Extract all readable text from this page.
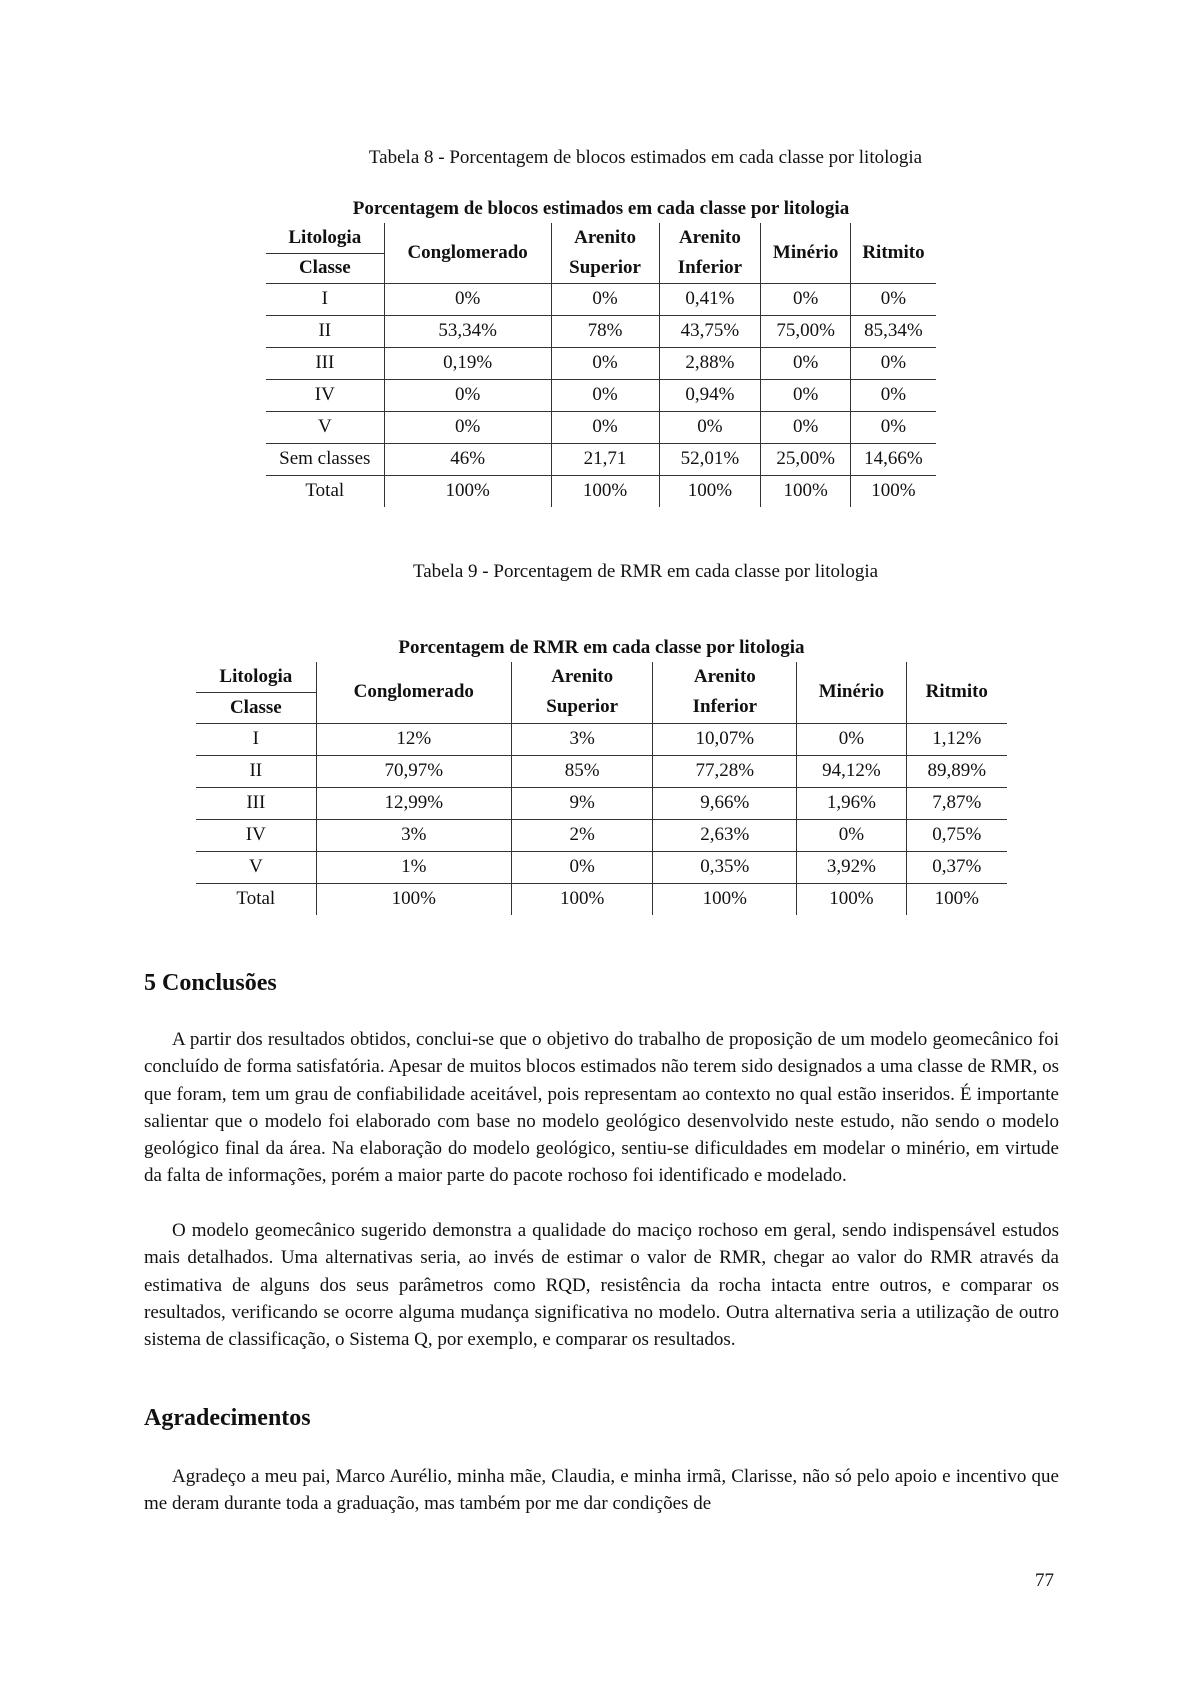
Tabela 8 - Porcentagem de blocos estimados em cada classe por litologia
Porcentagem de blocos estimados em cada classe por litologia					
Litologia	Conglomerado	Arenito	Arenito	Minério	Ritmito
Classe		Superior	Inferior		
I	0%	0%	0,41%	0%	0%
II	53,34%	78%	43,75%	75,00%	85,34%
III	0,19%	0%	2,88%	0%	0%
IV	0%	0%	0,94%	0%	0%
V	0%	0%	0%	0%	0%
Sem classes	46%	21,71	52,01%	25,00%	14,66%
Total	100%	100%	100%	100%	100%
Tabela 9 - Porcentagem de RMR em cada classe por litologia
Porcentagem de RMR em cada classe por litologia					
Litologia	Conglomerado	Arenito	Arenito	Minério	Ritmito
Classe		Superior	Inferior		
I	12%	3%	10,07%	0%	1,12%
II	70,97%	85%	77,28%	94,12%	89,89%
III	12,99%	9%	9,66%	1,96%	7,87%
IV	3%	2%	2,63%	0%	0,75%
V	1%	0%	0,35%	3,92%	0,37%
Total	100%	100%	100%	100%	100%
5 Conclusões

A partir dos resultados obtidos, conclui-se que o objetivo do trabalho de proposição de um modelo geomecânico foi concluído de forma satisfatória. Apesar de muitos blocos estimados não terem sido designados a uma classe de RMR, os que foram, tem um grau de confiabilidade aceitável, pois representam ao contexto no qual estão inseridos. É importante salientar que o modelo foi elaborado com base no modelo geológico desenvolvido neste estudo, não sendo o modelo geológico final da área. Na elaboração do modelo geológico, sentiu-se dificuldades em modelar o minério, em virtude da falta de informações, porém a maior parte do pacote rochoso foi identificado e modelado.

O modelo geomecânico sugerido demonstra a qualidade do maciço rochoso em geral, sendo indispensável estudos mais detalhados. Uma alternativas seria, ao invés de estimar o valor de RMR, chegar ao valor do RMR através da estimativa de alguns dos seus parâmetros como RQD, resistência da rocha intacta entre outros, e comparar os resultados, verificando se ocorre alguma mudança significativa no modelo. Outra alternativa seria a utilização de outro sistema de classificação, o Sistema Q, por exemplo, e comparar os resultados.

Agradecimentos

Agradeço a meu pai, Marco Aurélio, minha mãe, Claudia, e minha irmã, Clarisse, não só pelo apoio e incentivo que me deram durante toda a graduação, mas também por me dar condições de

77
